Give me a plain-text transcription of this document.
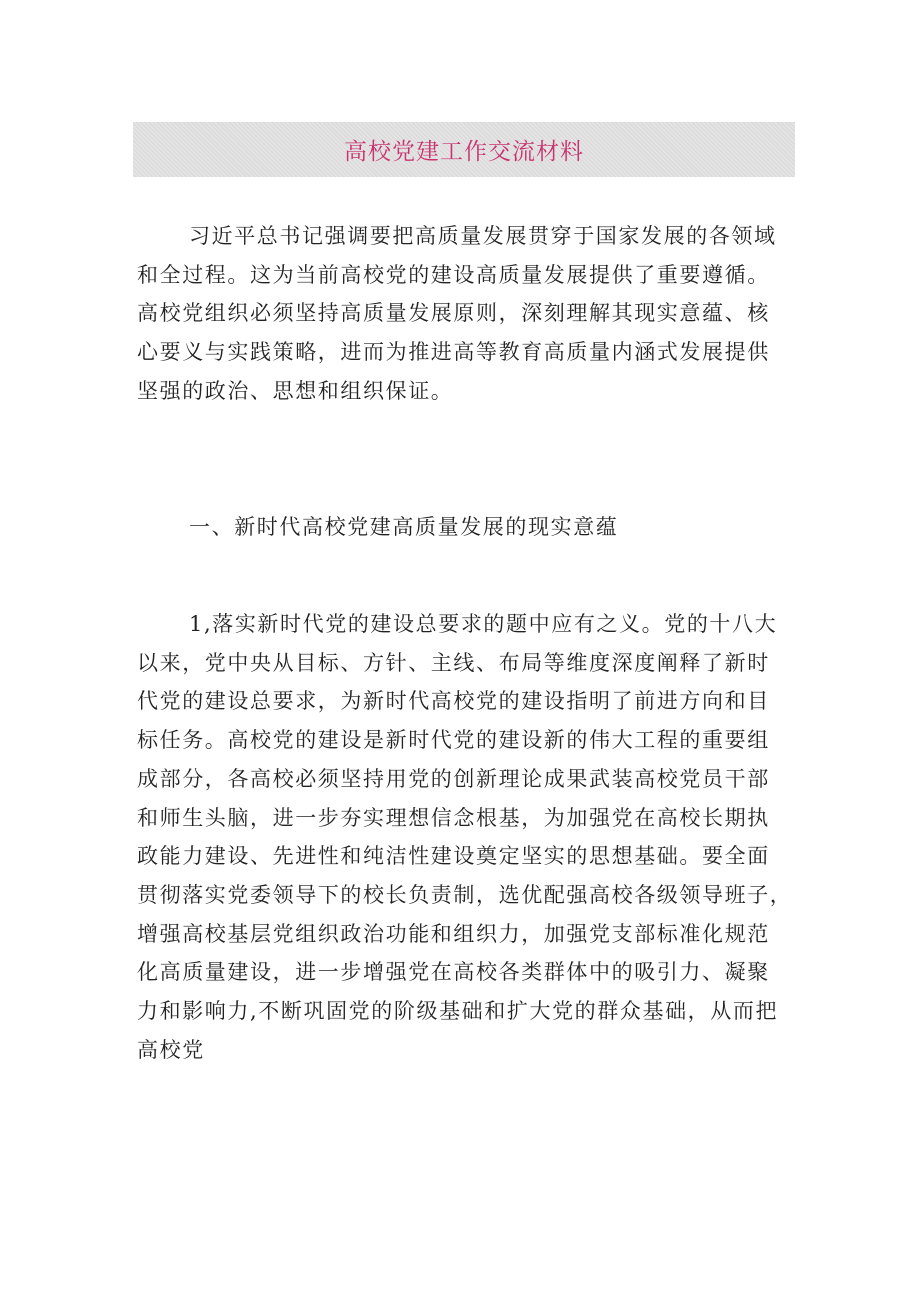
高校党建工作交流材料
习近平总书记强调要把高质量发展贯穿于国家发展的各领域
和全过程。这为当前高校党的建设高质量发展提供了重要遵循。
高校党组织必须坚持高质量发展原则，深刻理解其现实意蕴、核
心要义与实践策略，进而为推进高等教育高质量内涵式发展提供
坚强的政治、思想和组织保证。
一、新时代高校党建高质量发展的现实意蕴
1,落实新时代党的建设总要求的题中应有之义。党的十八大
以来，党中央从目标、方针、主线、布局等维度深度阐释了新时
代党的建设总要求，为新时代高校党的建设指明了前进方向和目
标任务。高校党的建设是新时代党的建设新的伟大工程的重要组
成部分，各高校必须坚持用党的创新理论成果武装高校党员干部
和师生头脑，进一步夯实理想信念根基，为加强党在高校长期执
政能力建设、先进性和纯洁性建设奠定坚实的思想基础。要全面
贯彻落实党委领导下的校长负责制，选优配强高校各级领导班子，
增强高校基层党组织政治功能和组织力，加强党支部标准化规范
化高质量建设，进一步增强党在高校各类群体中的吸引力、凝聚
力和影响力,不断巩固党的阶级基础和扩大党的群众基础，从而把
高校党
